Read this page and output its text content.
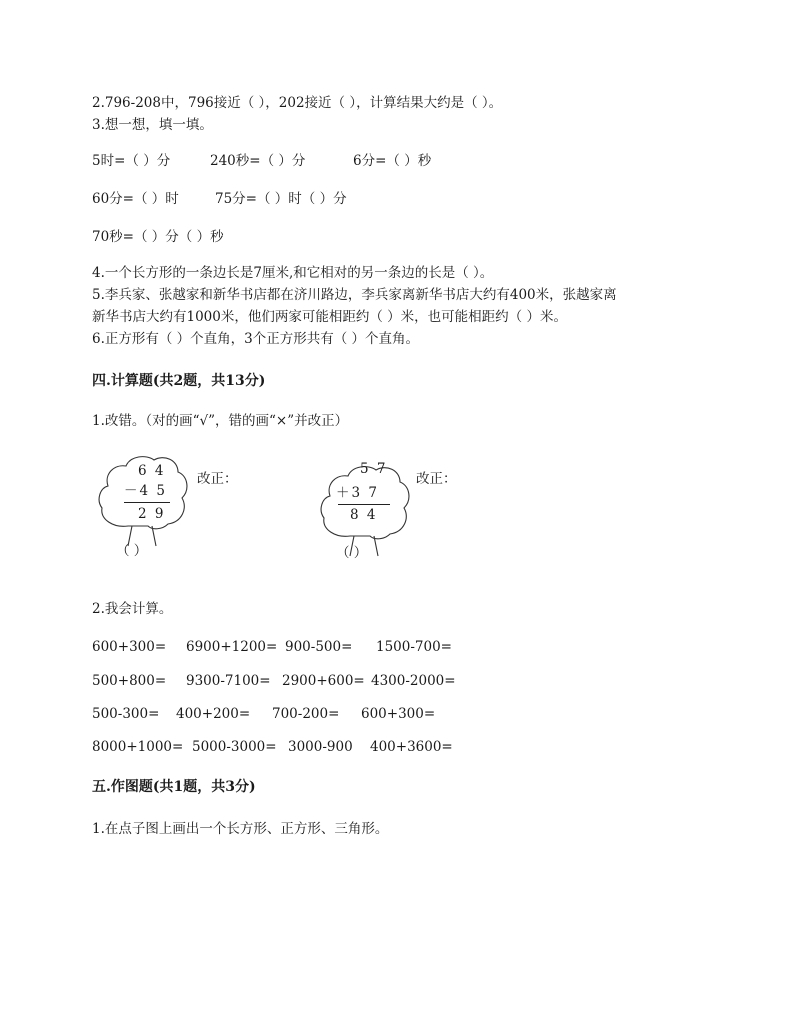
2.796-208中，796接近（ ），202接近（ ），计算结果大约是（ ）。
3.想一想，填一填。
5时=（ ）分	240秒=（ ）分	6分=（ ）秒
60分=（ ）时	75分=（ ）时（ ）分
70秒=（ ）分（ ）秒
4.一个长方形的一条边长是7厘米,和它相对的另一条边的长是（ ）。
5.李兵家、张越家和新华书店都在济川路边，李兵家离新华书店大约有400米，张越家离
新华书店大约有1000米，他们两家可能相距约（ ）米，也可能相距约（ ）米。
6.正方形有（ ）个直角，3个正方形共有（ ）个直角。
四.计算题(共2题，共13分)
1.改错。（对的画“√”，错的画“×”并改正）
6 4
－4 5
2 9
（ ）
改正：
5 7
＋3 7
8 4
（ ）
改正：
2.我会计算。
600+300= 6900+1200= 900-500= 1500-700=
500+800= 9300-7100= 2900+600= 4300-2000=
500-300= 400+200= 700-200= 600+300=
8000+1000= 5000-3000= 3000-900 400+3600=
五.作图题(共1题，共3分)
1.在点子图上画出一个长方形、正方形、三角形。
